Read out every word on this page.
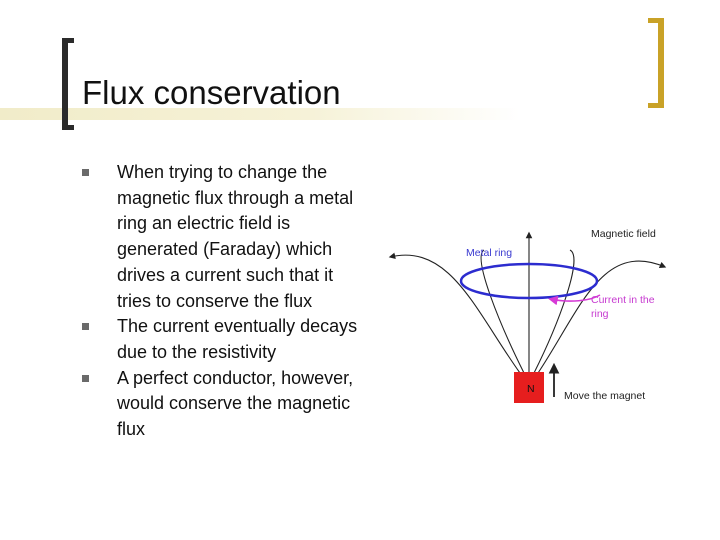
Flux conservation
When trying to change the magnetic flux through a metal ring an electric field is generated (Faraday) which drives a current such that it tries to conserve the flux
The current eventually decays due to the resistivity
A perfect conductor, however, would conserve the magnetic flux
N
Metal ring
Magnetic field
Current in the
ring
Move the magnet
